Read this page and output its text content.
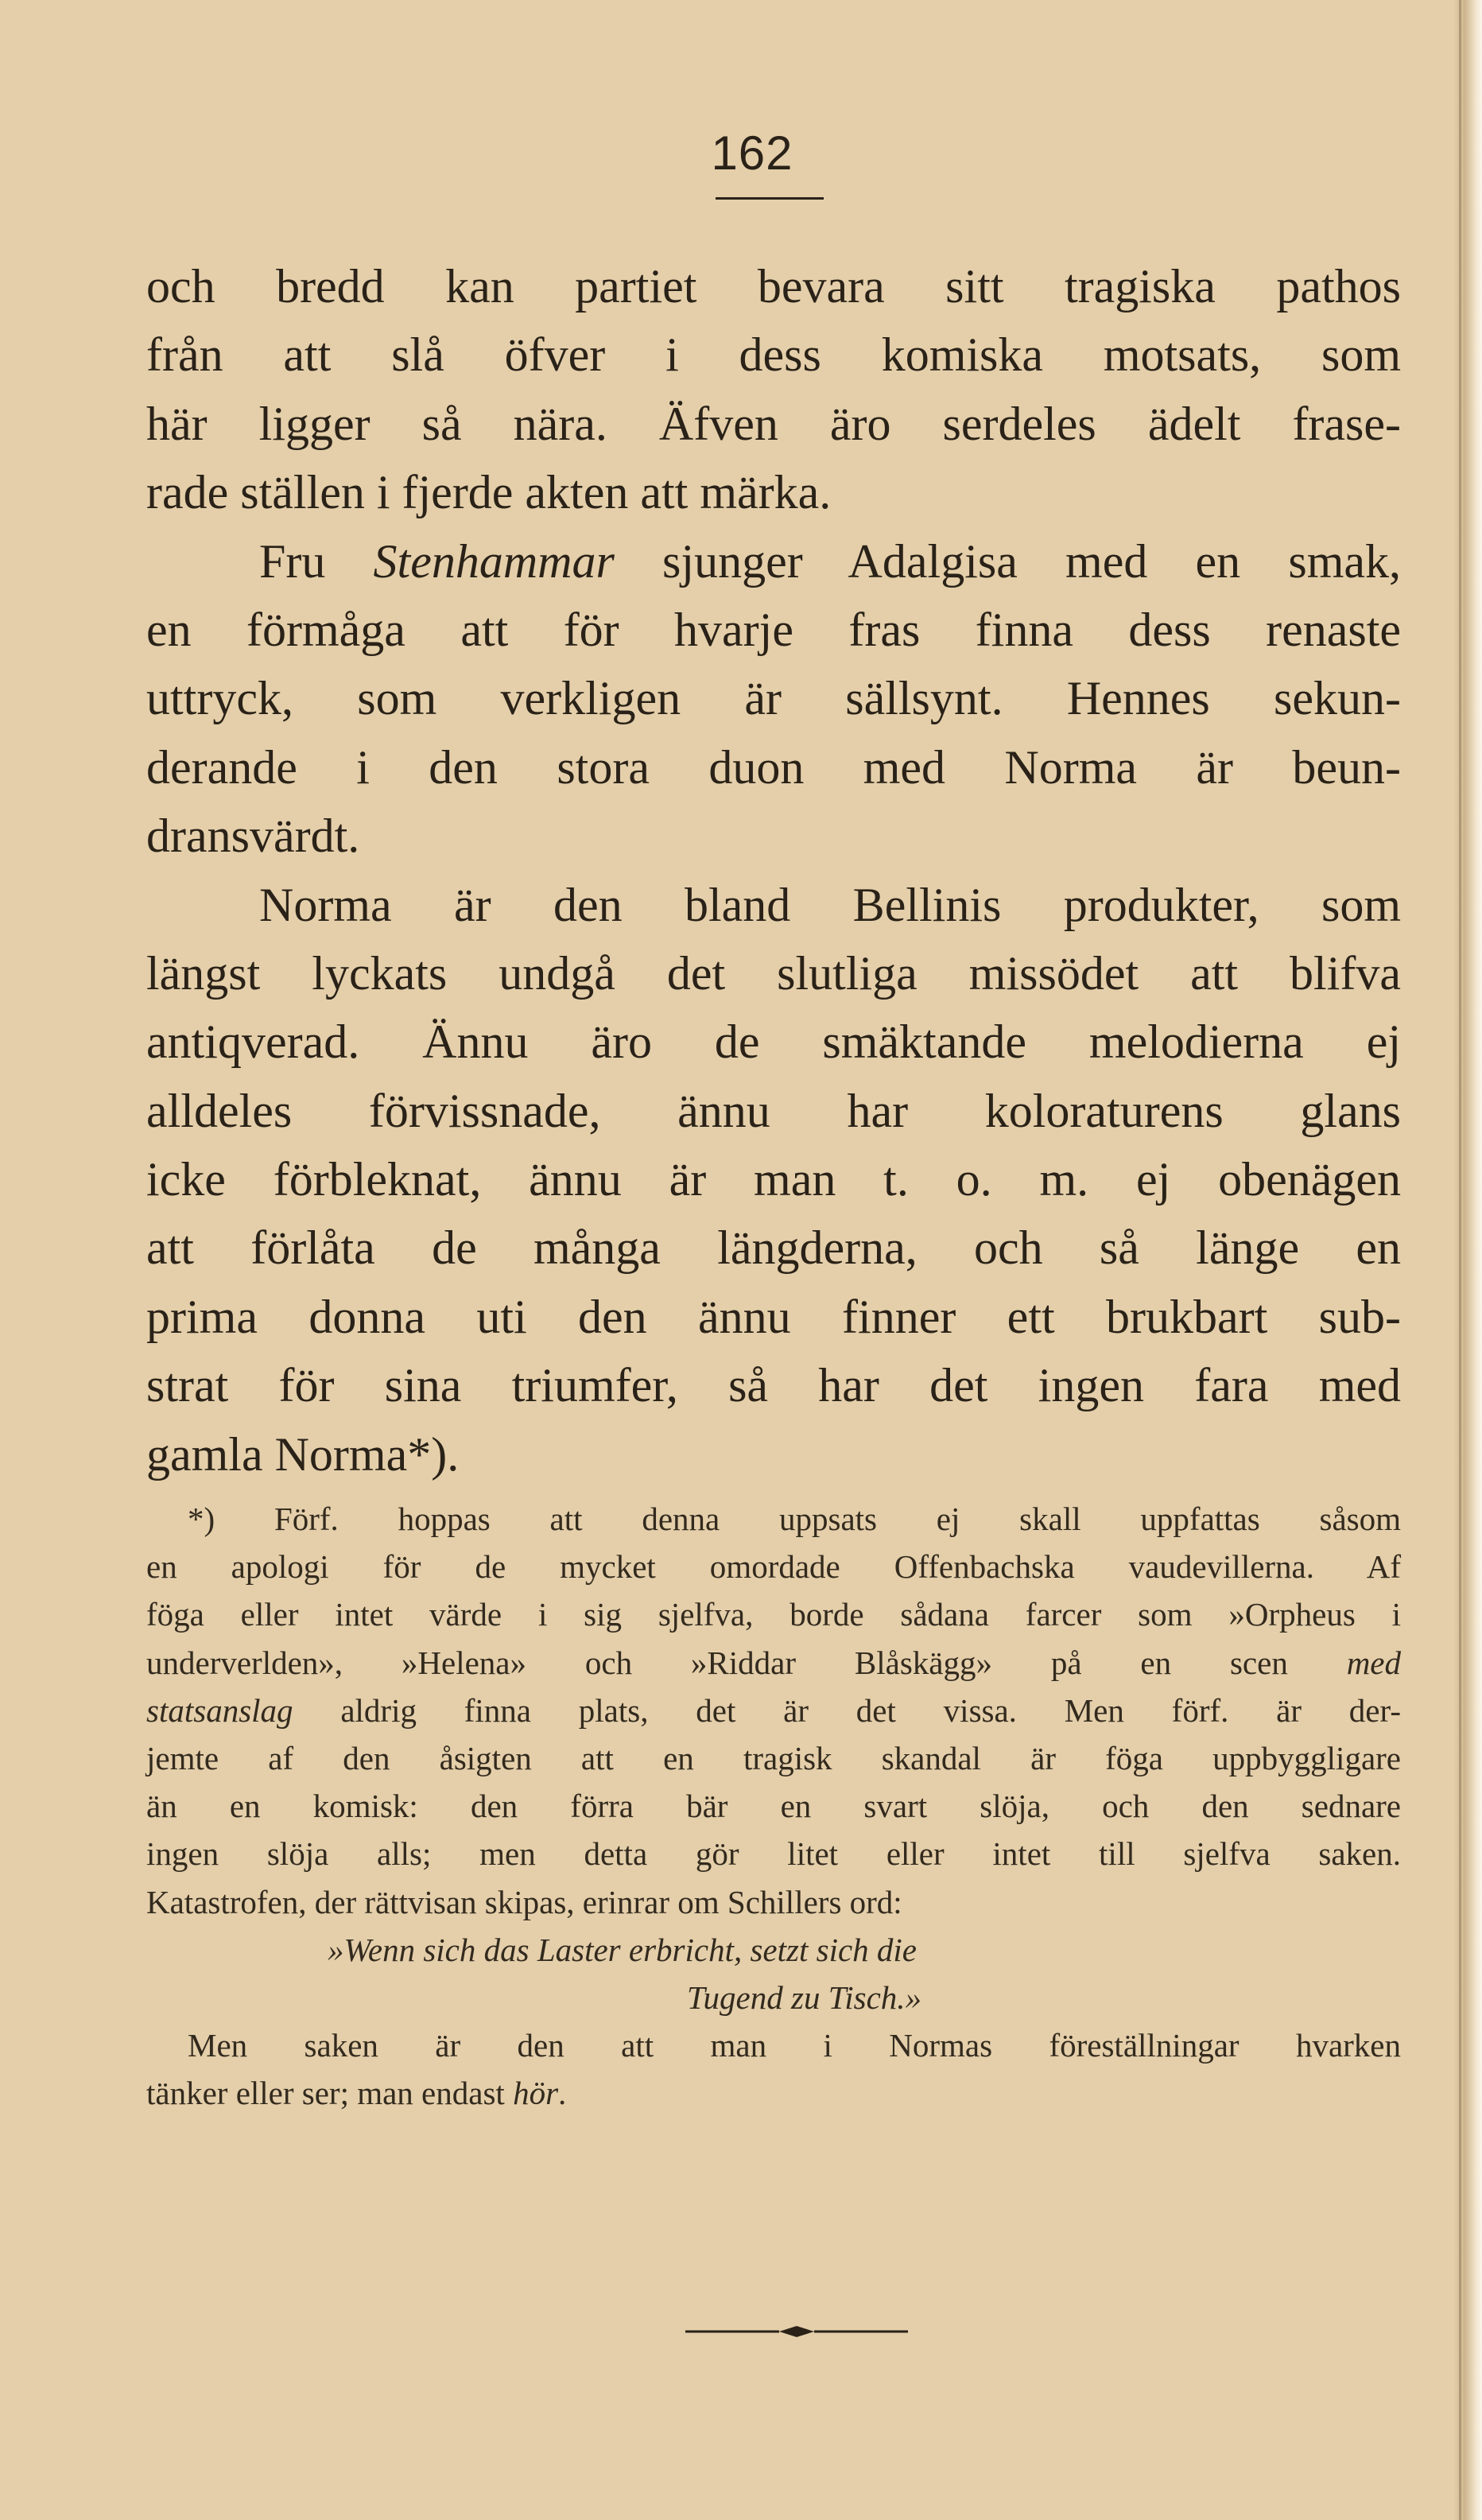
162
och bredd kan partiet bevara sitt tragiska pathos
från att slå öfver i dess komiska motsats, som
här ligger så nära. Äfven äro serdeles ädelt frase-
rade ställen i fjerde akten att märka.
Fru Stenhammar sjunger Adalgisa med en smak,
en förmåga att för hvarje fras finna dess renaste
uttryck, som verkligen är sällsynt. Hennes sekun-
derande i den stora duon med Norma är beun-
dransvärdt.
Norma är den bland Bellinis produkter, som
längst lyckats undgå det slutliga missödet att blifva
antiqverad. Ännu äro de smäktande melodierna ej
alldeles förvissnade, ännu har koloraturens glans
icke förbleknat, ännu är man t. o. m. ej obenägen
att förlåta de många längderna, och så länge en
prima donna uti den ännu finner ett brukbart sub-
strat för sina triumfer, så har det ingen fara med
gamla Norma*).
*) Förf. hoppas att denna uppsats ej skall uppfattas såsom
en apologi för de mycket omordade Offenbachska vaudevillerna. Af
föga eller intet värde i sig sjelfva, borde sådana farcer som »Orpheus i
underverlden», »Helena» och »Riddar Blåskägg» på en scen med
statsanslag aldrig finna plats, det är det vissa. Men förf. är der-
jemte af den åsigten att en tragisk skandal är föga uppbyggligare
än en komisk: den förra bär en svart slöja, och den sednare
ingen slöja alls; men detta gör litet eller intet till sjelfva saken.
Katastrofen, der rättvisan skipas, erinrar om Schillers ord:
»Wenn sich das Laster erbricht, setzt sich die
Tugend zu Tisch.»
Men saken är den att man i Normas föreställningar hvarken
tänker eller ser; man endast hör.
